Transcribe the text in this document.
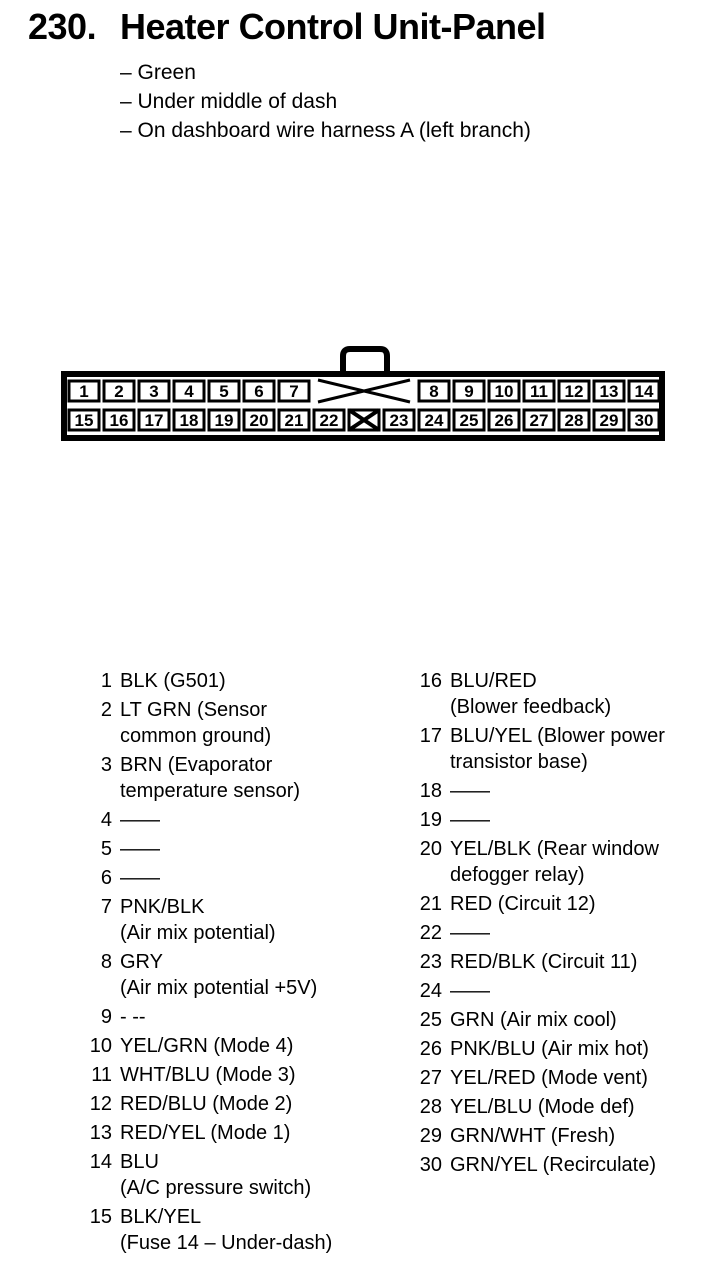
230. Heater Control Unit-Panel
– Green
– Under middle of dash
– On dashboard wire harness A (left branch)
1 2 3 4 5 6 7	8 9 10 11 12 13 14
15 16 17 18 19 20 21 22	23 24 25 26 27 28 29 30
1 BLK (G501)
2 LT GRN (Sensor
common ground)
3 BRN (Evaporator
temperature sensor)
4 ——
5 ——
6 ——
7 PNK/BLK
(Air mix potential)
8 GRY
(Air mix potential +5V)
9 - --
10 YEL/GRN (Mode 4)
11 WHT/BLU (Mode 3)
12 RED/BLU (Mode 2)
13 RED/YEL (Mode 1)
14 BLU
(A/C pressure switch)
15 BLK/YEL
(Fuse 14 – Under-dash)
16 BLU/RED
(Blower feedback)
17 BLU/YEL (Blower power
transistor base)
18 ——
19 ——
20 YEL/BLK (Rear window
defogger relay)
21 RED (Circuit 12)
22 ——
23 RED/BLK (Circuit 11)
24 ——
25 GRN (Air mix cool)
26 PNK/BLU (Air mix hot)
27 YEL/RED (Mode vent)
28 YEL/BLU (Mode def)
29 GRN/WHT (Fresh)
30 GRN/YEL (Recirculate)
